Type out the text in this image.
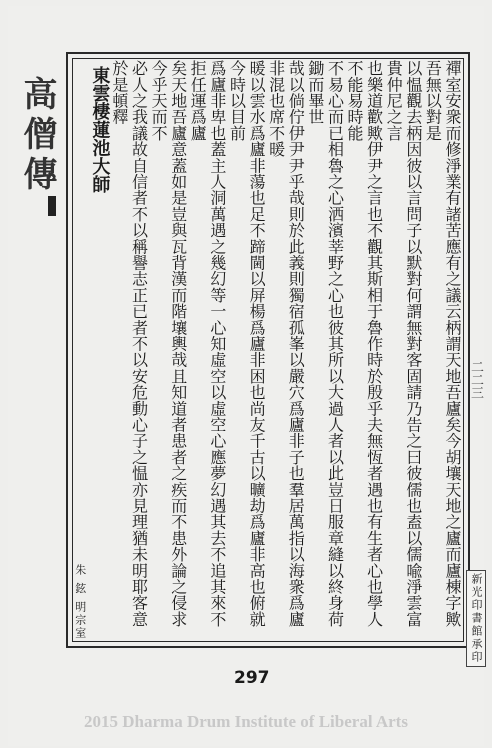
高僧傳	禪室安衆而修淨業有諸苦應有之議云柄謂天地吾廬矣今胡壤天地之廬而廬棟字歟吾無以對是
以愠觀去柄因彼以言問子以默對何謂無對客固請乃告之曰彼儒也盍以儒喩淨雲富貴仲尼之言
也樂道歡歟伊尹之言也不觀其斯相于魯作時於殷乎夫無恆者遇也有生者心也學人不能易時能
不易心而已相魯之心洒濱莘野之心也彼其所以大過人者以此豈日服章縫以終身荷鋤而畢世
哉以倘佇伊尹尹乎哉則於此義則獨宿孤峯以嚴穴爲廬非子也羣居萬指以海衆爲廬非混也席不暖
暖以雲水爲廬非蕩也足不蹄閫以屏楊爲廬非困也尚友千古以曠劫爲廬非高也俯就今時以目前
爲廬非卑也蓋主人洞萬遇之幾幻等一心知虛空以虛空心應夢幻遇其去不追其來不拒任運爲廬
矣天地吾廬意蓋如是豈與瓦背漢而階壤輿哉且知道者患者之疾而不患外論之侵求今乎天而不
必人之我議故自信者不以稱譽志正已者不以安危動心子之愠亦見理猶未明耶客意於是頓釋
東雲棲蓮池大師
朱 鉉 明宗室
二二三
新光印書館承印
297
2015 Dharma Drum Institute of Liberal Arts
